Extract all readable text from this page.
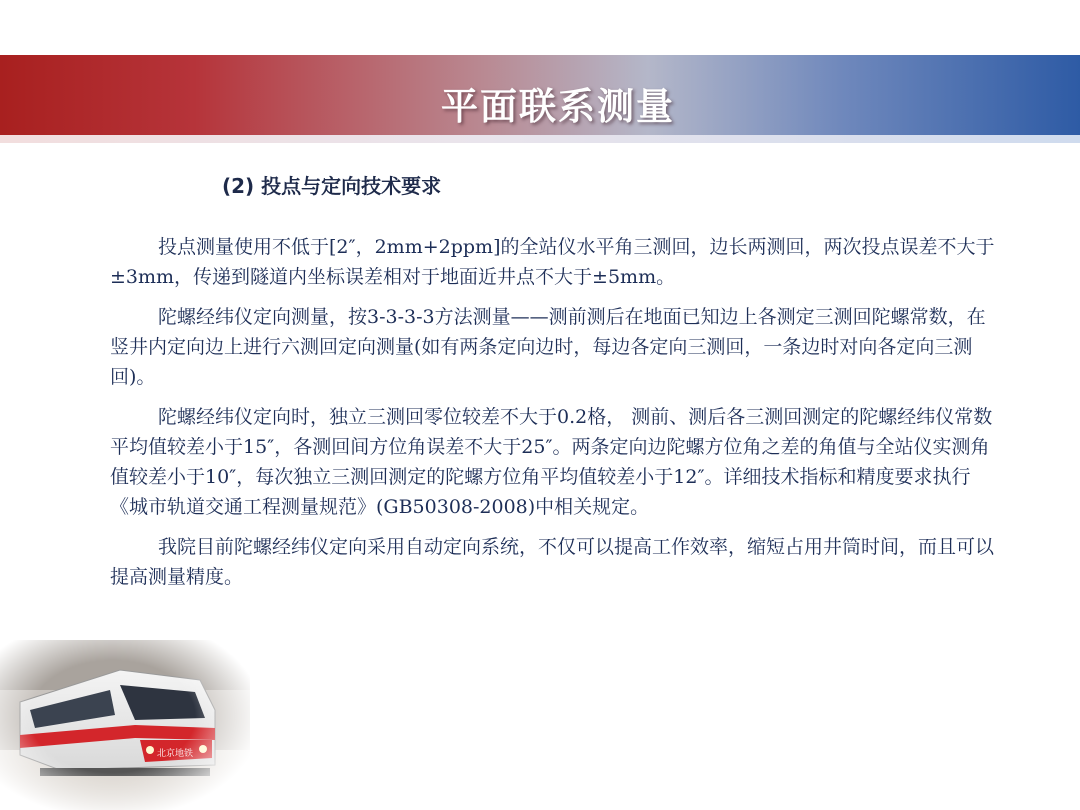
平面联系测量
(2) 投点与定向技术要求

投点测量使用不低于[2″，2mm+2ppm]的全站仪水平角三测回，边长两测回，两次投点误差不大于±3mm，传递到隧道内坐标误差相对于地面近井点不大于±5mm。

陀螺经纬仪定向测量，按3-3-3-3方法测量——测前测后在地面已知边上各测定三测回陀螺常数，在竖井内定向边上进行六测回定向测量(如有两条定向边时，每边各定向三测回，一条边时对向各定向三测回)。

陀螺经纬仪定向时，独立三测回零位较差不大于0.2格， 测前、测后各三测回测定的陀螺经纬仪常数平均值较差小于15″，各测回间方位角误差不大于25″。两条定向边陀螺方位角之差的角值与全站仪实测角值较差小于10″，每次独立三测回测定的陀螺方位角平均值较差小于12″。详细技术指标和精度要求执行《城市轨道交通工程测量规范》(GB50308-2008)中相关规定。

我院目前陀螺经纬仪定向采用自动定向系统，不仅可以提高工作效率，缩短占用井筒时间，而且可以提高测量精度。
